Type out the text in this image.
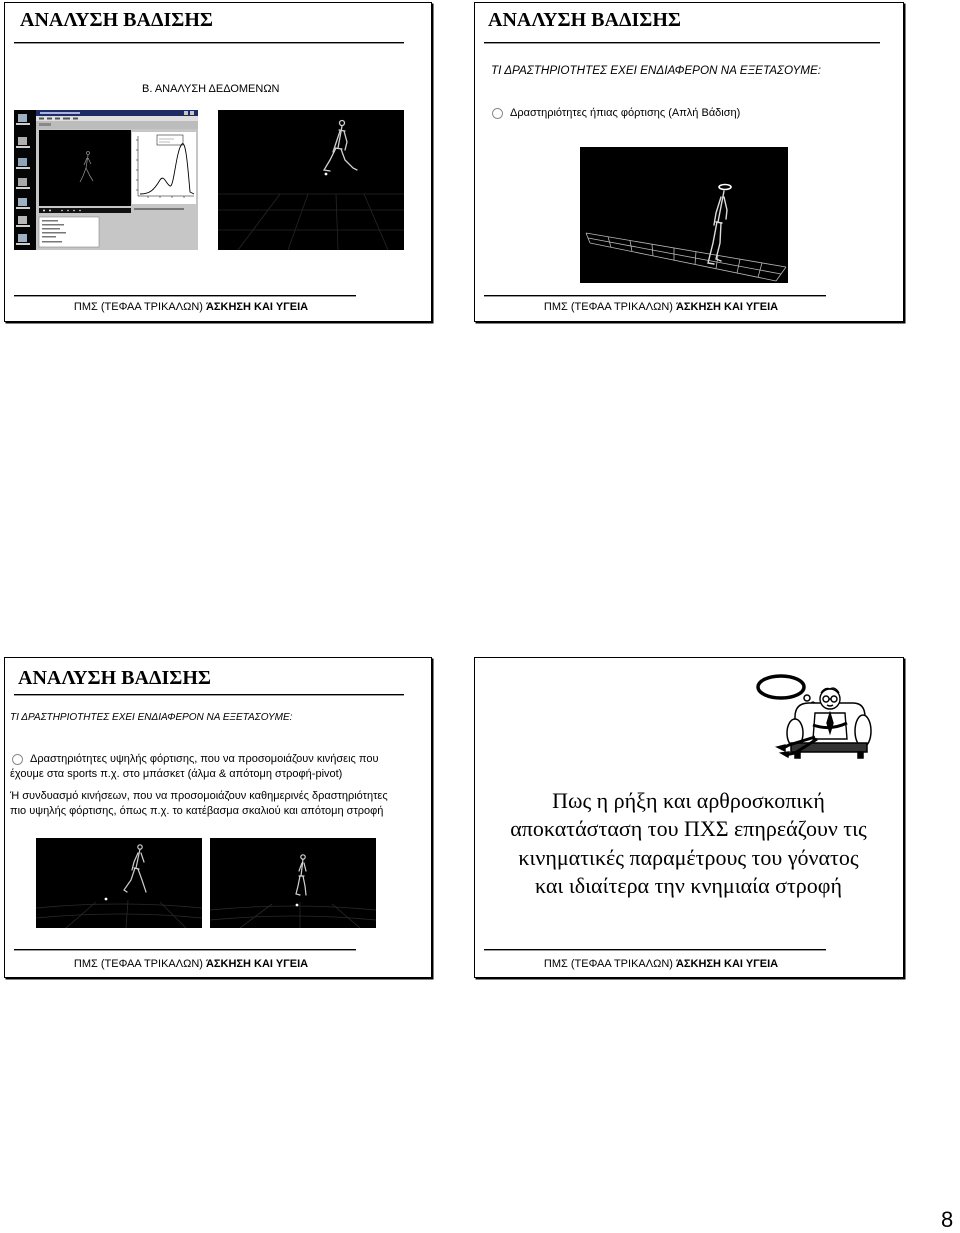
ΑΝΑΛΥΣΗ ΒΑΔΙΣΗΣ
Β. ΑΝΑΛΥΣΗ ΔΕΔΟΜΕΝΩΝ
ΠΜΣ (ΤΕΦΑΑ ΤΡΙΚΑΛΩΝ) ΆΣΚΗΣΗ ΚΑΙ ΥΓΕΙΑ
ΑΝΑΛΥΣΗ ΒΑΔΙΣΗΣ
ΤΙ ΔΡΑΣΤΗΡΙΟΤΗΤΕΣ ΕΧΕΙ ΕΝΔΙΑΦΕΡΟΝ ΝΑ ΕΞΕΤΑΣΟΥΜΕ:
Δραστηριότητες ήπιας φόρτισης (Απλή Βάδιση)
ΠΜΣ (ΤΕΦΑΑ ΤΡΙΚΑΛΩΝ) ΆΣΚΗΣΗ ΚΑΙ ΥΓΕΙΑ
ΑΝΑΛΥΣΗ ΒΑΔΙΣΗΣ
ΤΙ ΔΡΑΣΤΗΡΙΟΤΗΤΕΣ ΕΧΕΙ ΕΝΔΙΑΦΕΡΟΝ ΝΑ ΕΞΕΤΑΣΟΥΜΕ:
Δραστηριότητες υψηλής φόρτισης, που να προσομοιάζουν κινήσεις που
έχουμε στα sports π.χ. στο μπάσκετ (άλμα & απότομη στροφή-pivot)
Ή συνδυασμό κινήσεων, που να προσομοιάζουν καθημερινές δραστηριότητες
πιο υψηλής φόρτισης, όπως π.χ. το κατέβασμα σκαλιού και απότομη στροφή
ΠΜΣ (ΤΕΦΑΑ ΤΡΙΚΑΛΩΝ) ΆΣΚΗΣΗ ΚΑΙ ΥΓΕΙΑ
Πως η ρήξη και αρθροσκοπική
αποκατάσταση του ΠΧΣ επηρεάζουν τις
κινηματικές παραμέτρους του γόνατος
και ιδιαίτερα την κνημιαία στροφή
ΠΜΣ (ΤΕΦΑΑ ΤΡΙΚΑΛΩΝ) ΆΣΚΗΣΗ ΚΑΙ ΥΓΕΙΑ
8
